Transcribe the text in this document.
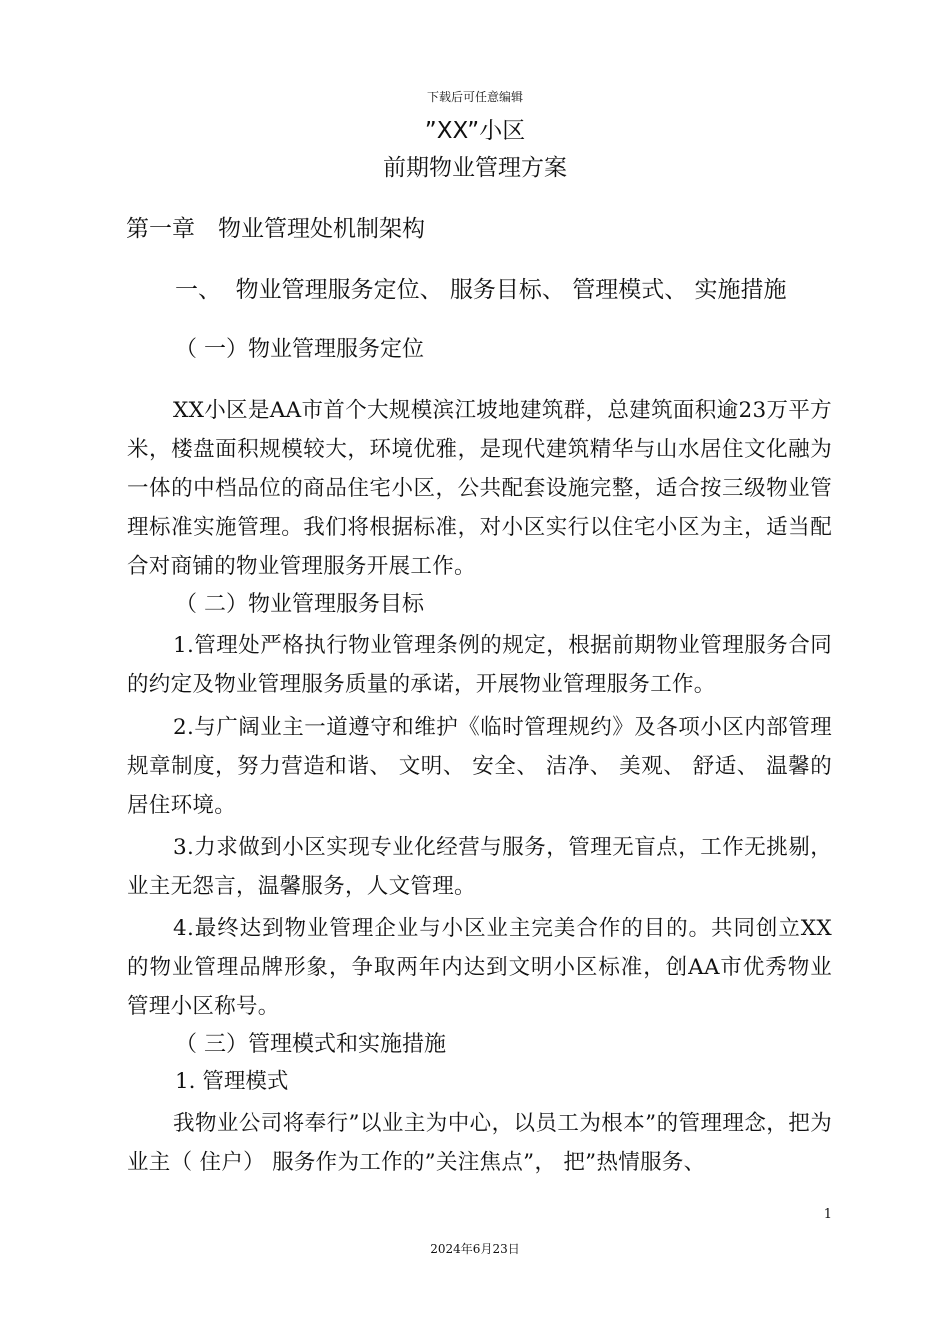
下载后可任意编辑
”XX”小区
前期物业管理方案
第一章　物业管理处机制架构
一、  物业管理服务定位、 服务目标、 管理模式、 实施措施
（ 一）物业管理服务定位
XX小区是AA市首个大规模滨江坡地建筑群，总建筑面积逾23万平方米，楼盘面积规模较大，环境优雅，是现代建筑精华与山水居住文化融为一体的中档品位的商品住宅小区，公共配套设施完整，适合按三级物业管理标准实施管理。我们将根据标准，对小区实行以住宅小区为主，适当配合对商铺的物业管理服务开展工作。
（ 二）物业管理服务目标
1.管理处严格执行物业管理条例的规定，根据前期物业管理服务合同的约定及物业管理服务质量的承诺，开展物业管理服务工作。
2.与广阔业主一道遵守和维护《临时管理规约》及各项小区内部管理规章制度，努力营造和谐、 文明、 安全、 洁净、 美观、 舒适、 温馨的居住环境。
3.力求做到小区实现专业化经营与服务，管理无盲点，工作无挑剔，业主无怨言，温馨服务，人文管理。
4.最终达到物业管理企业与小区业主完美合作的目的。共同创立XX的物业管理品牌形象，争取两年内达到文明小区标准，创AA市优秀物业管理小区称号。
（ 三）管理模式和实施措施
1. 管理模式
我物业公司将奉行”以业主为中心，以员工为根本”的管理理念，把为业主（ 住户） 服务作为工作的”关注焦点”， 把”热情服务、
1
2024年6月23日
